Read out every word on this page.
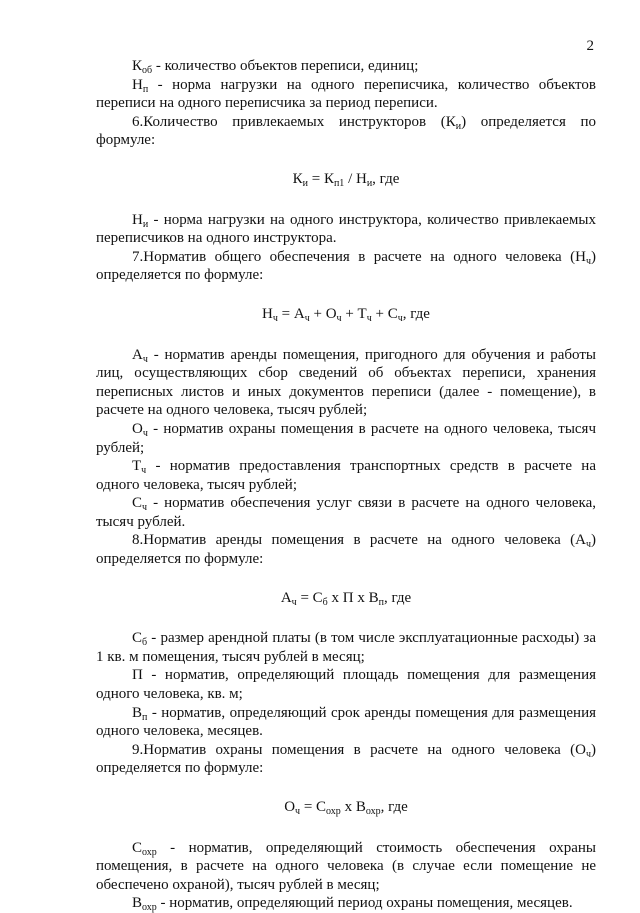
2
$К_{об}$ - количество объектов переписи, единиц;
$Н_п$ - норма нагрузки на одного переписчика, количество объектов переписи на одного переписчика за период переписи.
6.Количество привлекаемых инструкторов $(К_и)$ определяется по формуле:
$К_и = К_{п1} / Н_и$, где
$Н_и$ - норма нагрузки на одного инструктора, количество привлекаемых переписчиков на одного инструктора.
7.Норматив общего обеспечения в расчете на одного человека $(Н_ч)$ определяется по формуле:
$Н_ч = А_ч + О_ч + Т_ч + С_ч$, где
$А_ч$ - норматив аренды помещения, пригодного для обучения и работы лиц, осуществляющих сбор сведений об объектах переписи, хранения переписных листов и иных документов переписи (далее - помещение), в расчете на одного человека, тысяч рублей;
$О_ч$ - норматив охраны помещения в расчете на одного человека, тысяч рублей;
$Т_ч$ - норматив предоставления транспортных средств в расчете на одного человека, тысяч рублей;
$С_ч$ - норматив обеспечения услуг связи в расчете на одного человека, тысяч рублей.
8.Норматив аренды помещения в расчете на одного человека $(А_ч)$ определяется по формуле:
$А_ч = С_б$ х П х $В_п$, где
$С_б$ - размер арендной платы (в том числе эксплуатационные расходы) за 1 кв. м помещения, тысяч рублей в месяц;
П - норматив, определяющий площадь помещения для размещения одного человека, кв. м;
$В_п$ - норматив, определяющий срок аренды помещения для размещения одного человека, месяцев.
9.Норматив охраны помещения в расчете на одного человека $(О_ч)$ определяется по формуле:
$О_ч = С_{охр}$ х $В_{охр}$, где
$С_{охр}$ - норматив, определяющий стоимость обеспечения охраны помещения, в расчете на одного человека (в случае если помещение не обеспечено охраной), тысяч рублей в месяц;
$В_{охр}$ - норматив, определяющий период охраны помещения, месяцев.
